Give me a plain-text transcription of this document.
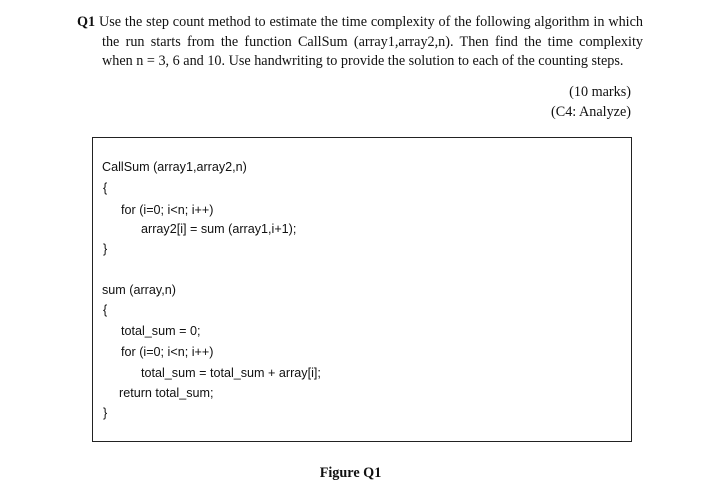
Q1 Use the step count method to estimate the time complexity of the following algorithm in which
the run starts from the function CallSum (array1,array2,n). Then find the time complexity
when n = 3, 6 and 10. Use handwriting to provide the solution to each of the counting steps.
(10 marks)
(C4: Analyze)
CallSum (array1,array2,n)
{
for (i=0; i<n; i++)
array2[i] = sum (array1,i+1);
}
sum (array,n)
{
total_sum = 0;
for (i=0; i<n; i++)
total_sum = total_sum + array[i];
return total_sum;
}
Figure Q1
